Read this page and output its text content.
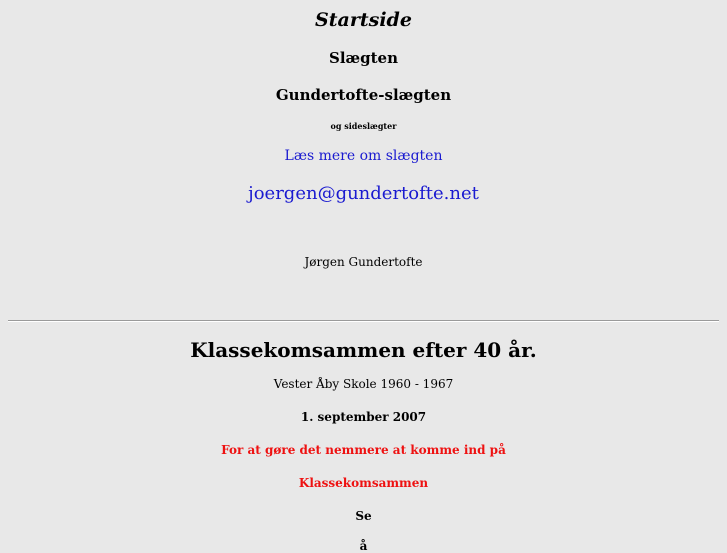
Startside
Slægten
Gundertofte-slægten
og sideslægter
Læs mere om slægten
joergen@gundertofte.net
Jørgen Gundertofte
Klassekomsammen efter 40 år.
Vester Åby Skole 1960 - 1967
1. september 2007
For at gøre det nemmere at komme ind på
Klassekomsammen
Se
å
